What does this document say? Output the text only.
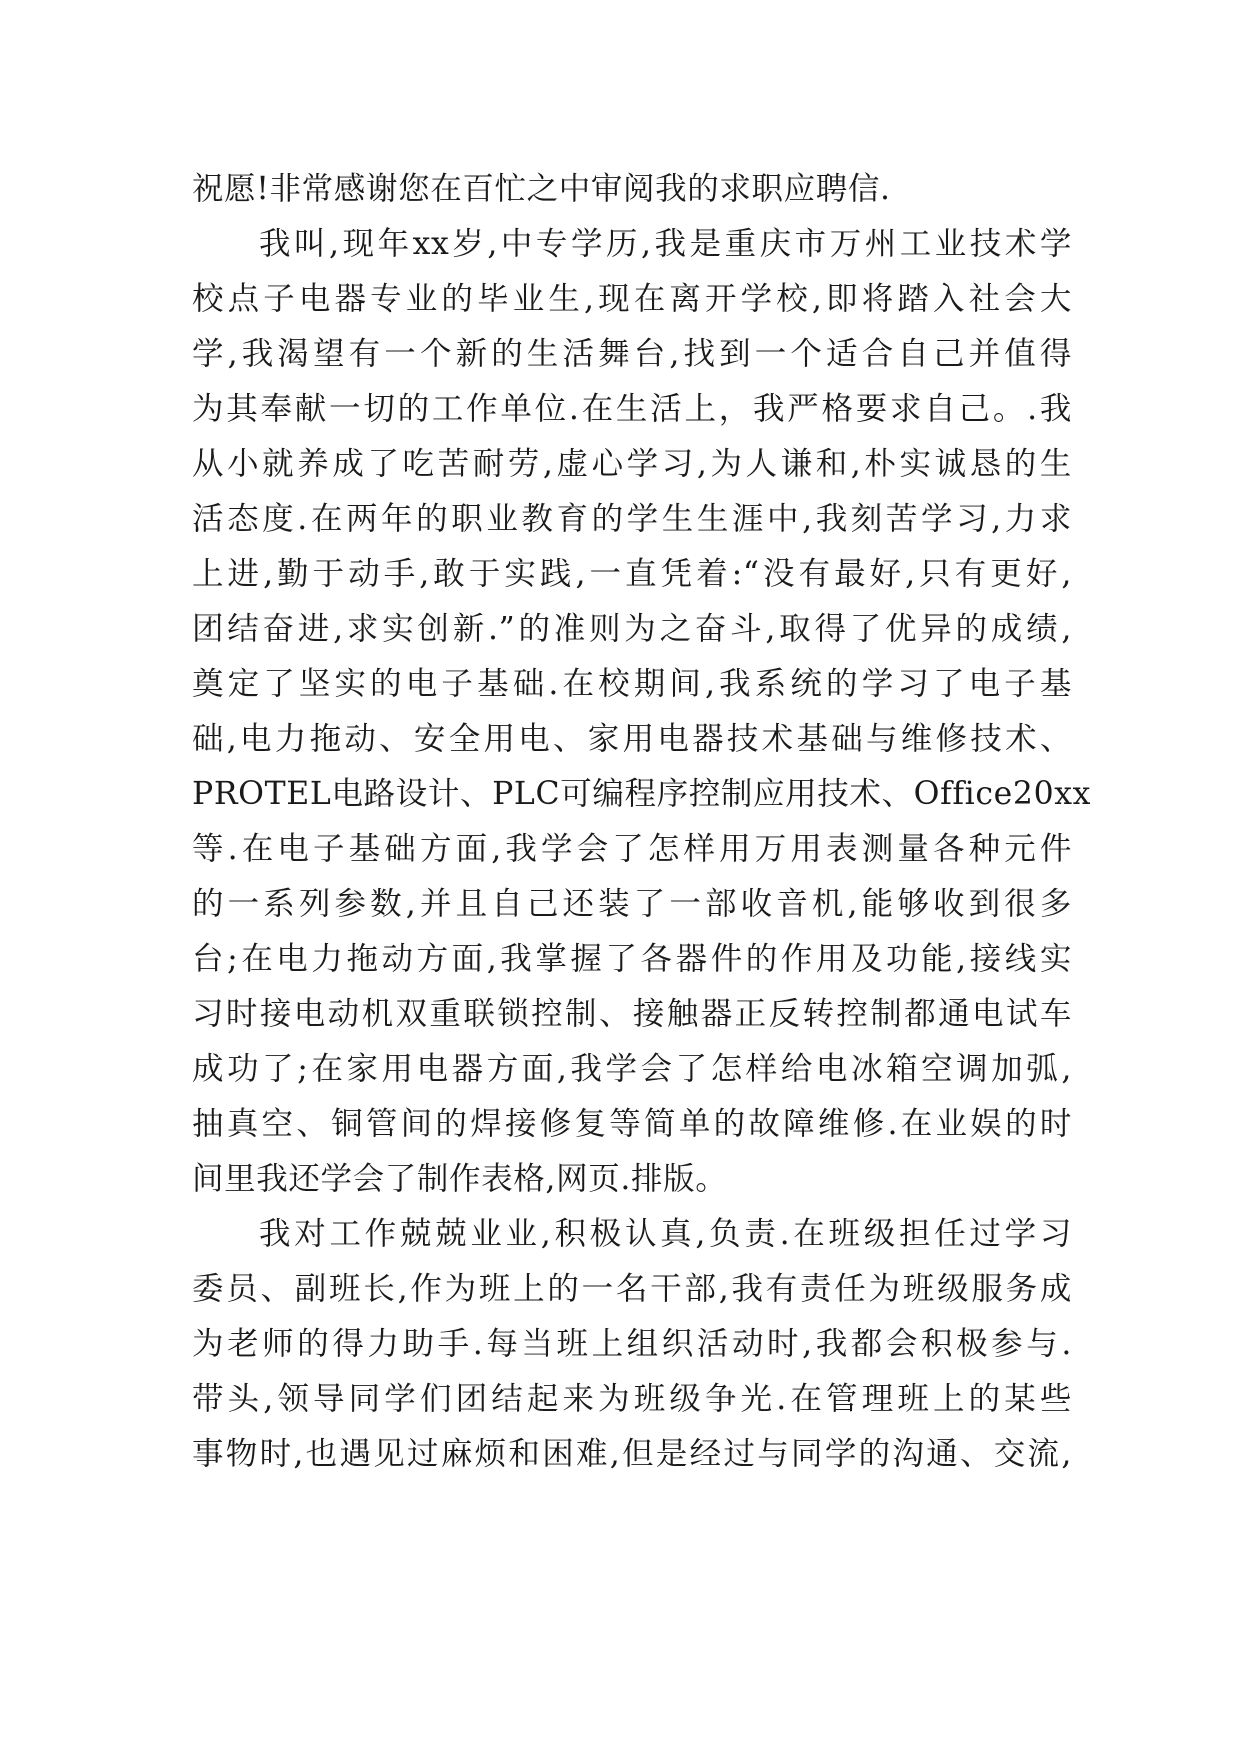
祝愿!非常感谢您在百忙之中审阅我的求职应聘信.
我叫,现年xx岁,中专学历,我是重庆市万州工业技术学
校点子电器专业的毕业生,现在离开学校,即将踏入社会大
学,我渴望有一个新的生活舞台,找到一个适合自己并值得
为其奉献一切的工作单位.在生活上，我严格要求自己。.我
从小就养成了吃苦耐劳,虚心学习,为人谦和,朴实诚恳的生
活态度.在两年的职业教育的学生生涯中,我刻苦学习,力求
上进,勤于动手,敢于实践,一直凭着:“没有最好,只有更好,
团结奋进,求实创新.”的准则为之奋斗,取得了优异的成绩,
奠定了坚实的电子基础.在校期间,我系统的学习了电子基
础,电力拖动、安全用电、家用电器技术基础与维修技术、
PROTEL电路设计、PLC可编程序控制应用技术、Office20xx
等.在电子基础方面,我学会了怎样用万用表测量各种元件
的一系列参数,并且自己还装了一部收音机,能够收到很多
台;在电力拖动方面,我掌握了各器件的作用及功能,接线实
习时接电动机双重联锁控制、接触器正反转控制都通电试车
成功了;在家用电器方面,我学会了怎样给电冰箱空调加弧,
抽真空、铜管间的焊接修复等简单的故障维修.在业娱的时
间里我还学会了制作表格,网页.排版。
我对工作兢兢业业,积极认真,负责.在班级担任过学习
委员、副班长,作为班上的一名干部,我有责任为班级服务成
为老师的得力助手.每当班上组织活动时,我都会积极参与.
带头,领导同学们团结起来为班级争光.在管理班上的某些
事物时,也遇见过麻烦和困难,但是经过与同学的沟通、交流,
